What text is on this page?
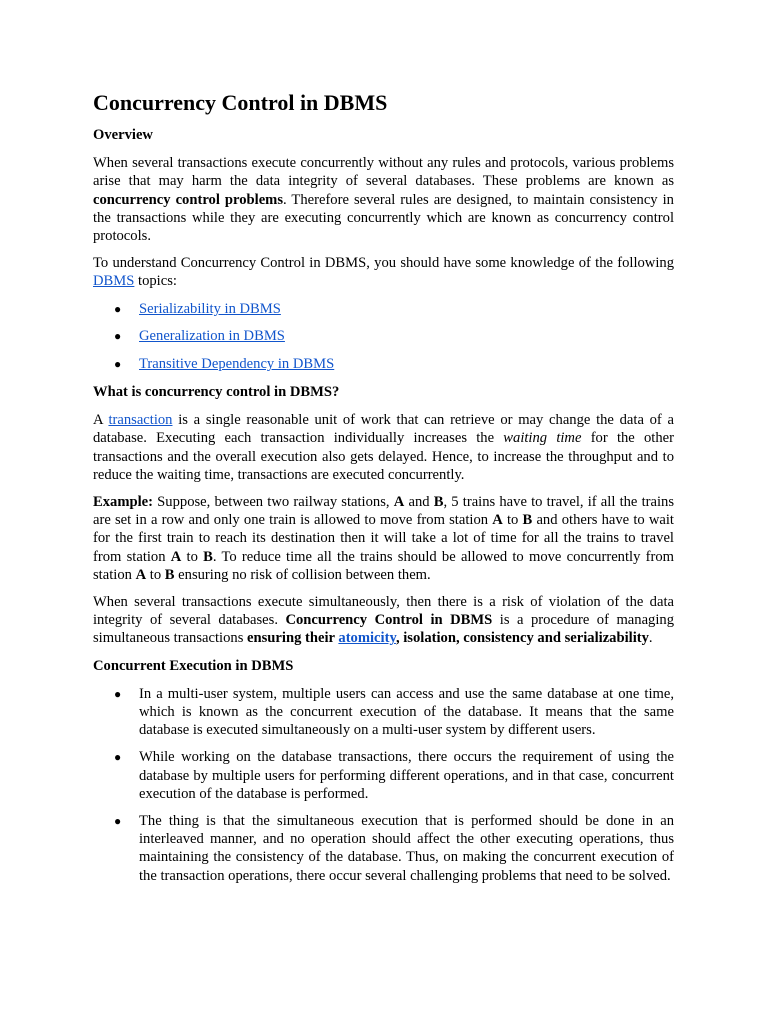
Concurrency Control in DBMS
Overview

When several transactions execute concurrently without any rules and protocols, various problems arise that may harm the data integrity of several databases. These problems are known as concurrency control problems. Therefore several rules are designed, to maintain consistency in the transactions while they are executing concurrently which are known as concurrency control protocols.

To understand Concurrency Control in DBMS, you should have some knowledge of the following DBMS topics:

● Serializability in DBMS
● Generalization in DBMS
● Transitive Dependency in DBMS
What is concurrency control in DBMS?

A transaction is a single reasonable unit of work that can retrieve or may change the data of a database. Executing each transaction individually increases the waiting time for the other transactions and the overall execution also gets delayed. Hence, to increase the throughput and to reduce the waiting time, transactions are executed concurrently.

Example: Suppose, between two railway stations, A and B, 5 trains have to travel, if all the trains are set in a row and only one train is allowed to move from station A to B and others have to wait for the first train to reach its destination then it will take a lot of time for all the trains to travel from station A to B. To reduce time all the trains should be allowed to move concurrently from station A to B ensuring no risk of collision between them.

When several transactions execute simultaneously, then there is a risk of violation of the data integrity of several databases. Concurrency Control in DBMS is a procedure of managing simultaneous transactions ensuring their atomicity, isolation, consistency and serializability.

Concurrent Execution in DBMS
● In a multi-user system, multiple users can access and use the same database at one time, which is known as the concurrent execution of the database. It means that the same database is executed simultaneously on a multi-user system by different users.
● While working on the database transactions, there occurs the requirement of using the database by multiple users for performing different operations, and in that case, concurrent execution of the database is performed.
● The thing is that the simultaneous execution that is performed should be done in an interleaved manner, and no operation should affect the other executing operations, thus maintaining the consistency of the database. Thus, on making the concurrent execution of the transaction operations, there occur several challenging problems that need to be solved.
